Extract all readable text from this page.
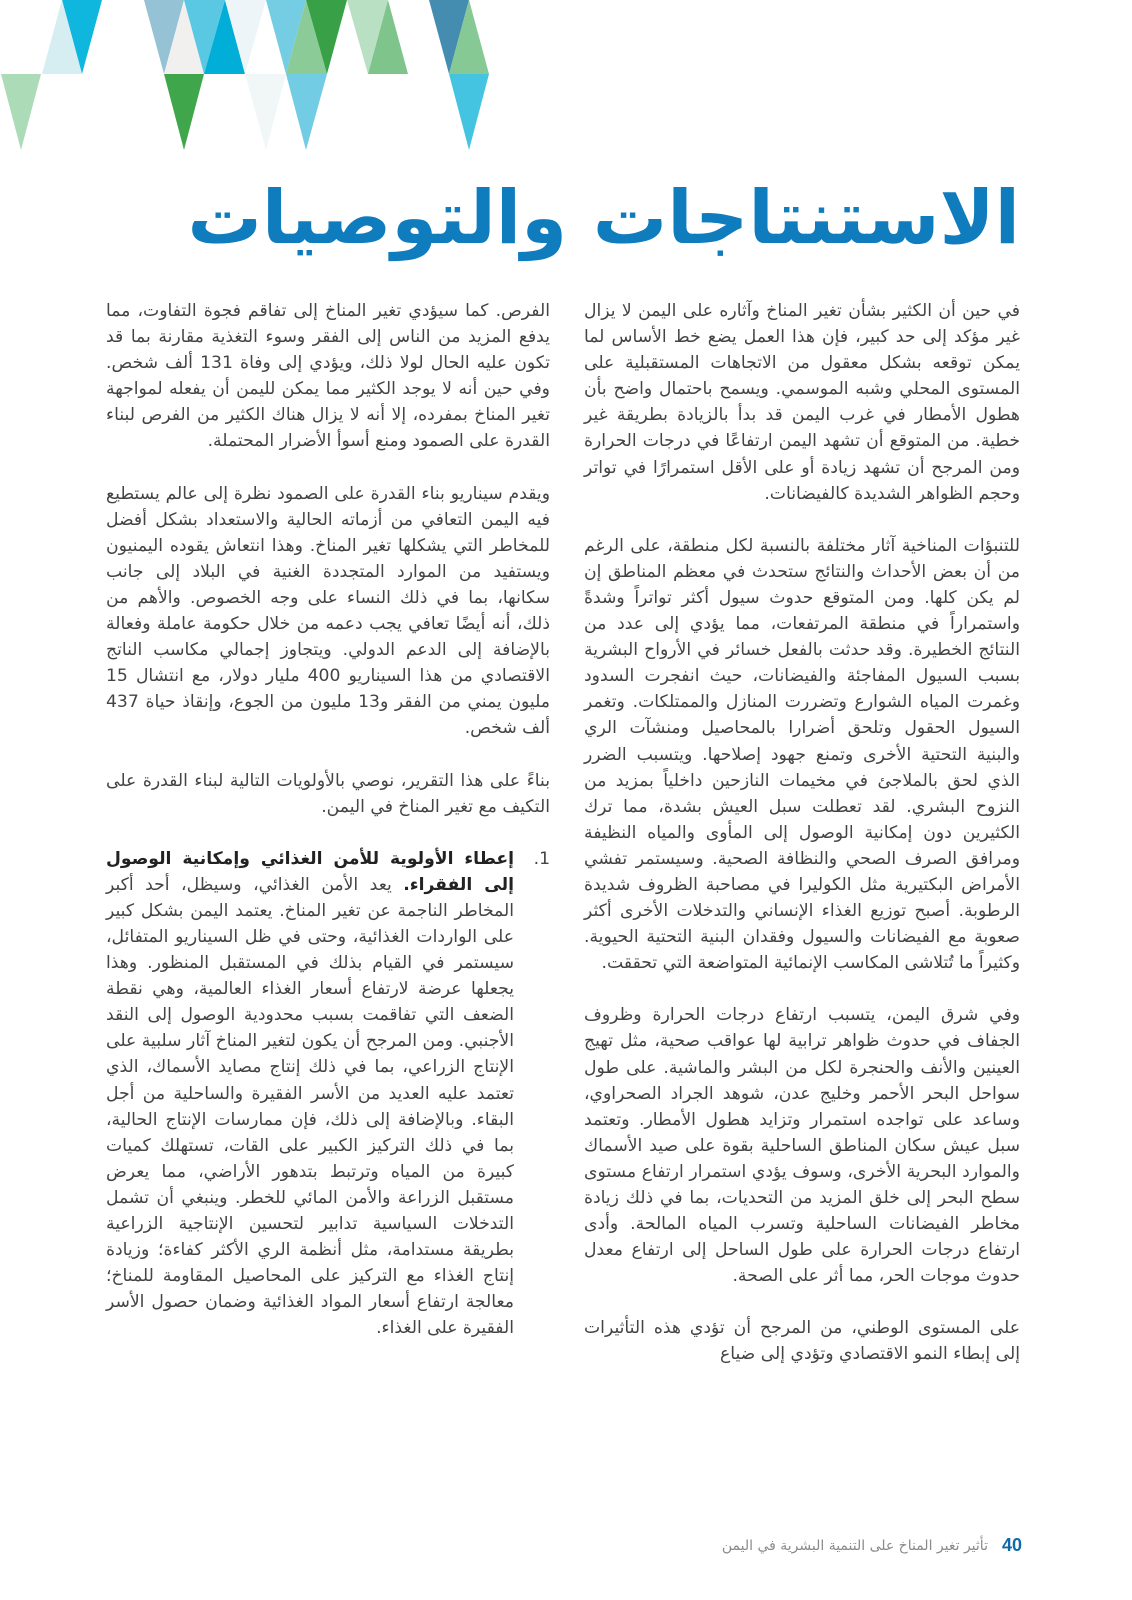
الاستنتاجات والتوصيات

في حين أن الكثير بشأن تغير المناخ وآثاره على اليمن لا يزال غير مؤكد إلى حد كبير، فإن هذا العمل يضع خط الأساس لما يمكن توقعه بشكل معقول من الاتجاهات المستقبلية على المستوى المحلي وشبه الموسمي. ويسمح باحتمال واضح بأن هطول الأمطار في غرب اليمن قد بدأ بالزيادة بطريقة غير خطية. من المتوقع أن تشهد اليمن ارتفاعًا في درجات الحرارة ومن المرجح أن تشهد زيادة أو على الأقل استمرارًا في تواتر وحجم الظواهر الشديدة كالفيضانات.

للتنبؤات المناخية آثار مختلفة بالنسبة لكل منطقة، على الرغم من أن بعض الأحداث والنتائج ستحدث في معظم المناطق إن لم يكن كلها. ومن المتوقع حدوث سيول أكثر تواتراً وشدةً واستمراراً في منطقة المرتفعات، مما يؤدي إلى عدد من النتائج الخطيرة. وقد حدثت بالفعل خسائر في الأرواح البشرية بسبب السيول المفاجئة والفيضانات، حيث انفجرت السدود وغمرت المياه الشوارع وتضررت المنازل والممتلكات. وتغمر السيول الحقول وتلحق أضرارا بالمحاصيل ومنشآت الري والبنية التحتية الأخرى وتمنع جهود إصلاحها. ويتسبب الضرر الذي لحق بالملاجئ في مخيمات النازحين داخلياً بمزيد من النزوح البشري. لقد تعطلت سبل العيش بشدة، مما ترك الكثيرين دون إمكانية الوصول إلى المأوى والمياه النظيفة ومرافق الصرف الصحي والنظافة الصحية. وسيستمر تفشي الأمراض البكتيرية مثل الكوليرا في مصاحبة الظروف شديدة الرطوبة. أصبح توزيع الغذاء الإنساني والتدخلات الأخرى أكثر صعوبة مع الفيضانات والسيول وفقدان البنية التحتية الحيوية. وكثيراً ما تُتلاشى المكاسب الإنمائية المتواضعة التي تحققت.

وفي شرق اليمن، يتسبب ارتفاع درجات الحرارة وظروف الجفاف في حدوث ظواهر ترابية لها عواقب صحية، مثل تهيج العينين والأنف والحنجرة لكل من البشر والماشية. على طول سواحل البحر الأحمر وخليج عدن، شوهد الجراد الصحراوي، وساعد على تواجده استمرار وتزايد هطول الأمطار. وتعتمد سبل عيش سكان المناطق الساحلية بقوة على صيد الأسماك والموارد البحرية الأخرى، وسوف يؤدي استمرار ارتفاع مستوى سطح البحر إلى خلق المزيد من التحديات، بما في ذلك زيادة مخاطر الفيضانات الساحلية وتسرب المياه المالحة. وأدى ارتفاع درجات الحرارة على طول الساحل إلى ارتفاع معدل حدوث موجات الحر، مما أثر على الصحة.

على المستوى الوطني، من المرجح أن تؤدي هذه التأثيرات إلى إبطاء النمو الاقتصادي وتؤدي إلى ضياع

الفرص. كما سيؤدي تغير المناخ إلى تفاقم فجوة التفاوت، مما يدفع المزيد من الناس إلى الفقر وسوء التغذية مقارنة بما قد تكون عليه الحال لولا ذلك، ويؤدي إلى وفاة 131 ألف شخص. وفي حين أنه لا يوجد الكثير مما يمكن لليمن أن يفعله لمواجهة تغير المناخ بمفرده، إلا أنه لا يزال هناك الكثير من الفرص لبناء القدرة على الصمود ومنع أسوأ الأضرار المحتملة.

ويقدم سيناريو بناء القدرة على الصمود نظرة إلى عالم يستطيع فيه اليمن التعافي من أزماته الحالية والاستعداد بشكل أفضل للمخاطر التي يشكلها تغير المناخ. وهذا انتعاش يقوده اليمنيون ويستفيد من الموارد المتجددة الغنية في البلاد إلى جانب سكانها، بما في ذلك النساء على وجه الخصوص. والأهم من ذلك، أنه أيضًا تعافي يجب دعمه من خلال حكومة عاملة وفعالة بالإضافة إلى الدعم الدولي. ويتجاوز إجمالي مكاسب الناتج الاقتصادي من هذا السيناريو 400 مليار دولار، مع انتشال 15 مليون يمني من الفقر و13 مليون من الجوع، وإنقاذ حياة 437 ألف شخص.

بناءً على هذا التقرير، نوصي بالأولويات التالية لبناء القدرة على التكيف مع تغير المناخ في اليمن.

1.
إعطاء الأولوية للأمن الغذائي وإمكانية الوصول إلى الفقراء. يعد الأمن الغذائي، وسيظل، أحد أكبر المخاطر الناجمة عن تغير المناخ. يعتمد اليمن بشكل كبير على الواردات الغذائية، وحتى في ظل السيناريو المتفائل، سيستمر في القيام بذلك في المستقبل المنظور. وهذا يجعلها عرضة لارتفاع أسعار الغذاء العالمية، وهي نقطة الضعف التي تفاقمت بسبب محدودية الوصول إلى النقد الأجنبي. ومن المرجح أن يكون لتغير المناخ آثار سلبية على الإنتاج الزراعي، بما في ذلك إنتاج مصايد الأسماك، الذي تعتمد عليه العديد من الأسر الفقيرة والساحلية من أجل البقاء. وبالإضافة إلى ذلك، فإن ممارسات الإنتاج الحالية، بما في ذلك التركيز الكبير على القات، تستهلك كميات كبيرة من المياه وترتبط بتدهور الأراضي، مما يعرض مستقبل الزراعة والأمن المائي للخطر. وينبغي أن تشمل التدخلات السياسية تدابير لتحسين الإنتاجية الزراعية بطريقة مستدامة، مثل أنظمة الري الأكثر كفاءة؛ وزيادة إنتاج الغذاء مع التركيز على المحاصيل المقاومة للمناخ؛ معالجة ارتفاع أسعار المواد الغذائية وضمان حصول الأسر الفقيرة على الغذاء.
40
تأثير تغير المناخ على التنمية البشرية في اليمن
